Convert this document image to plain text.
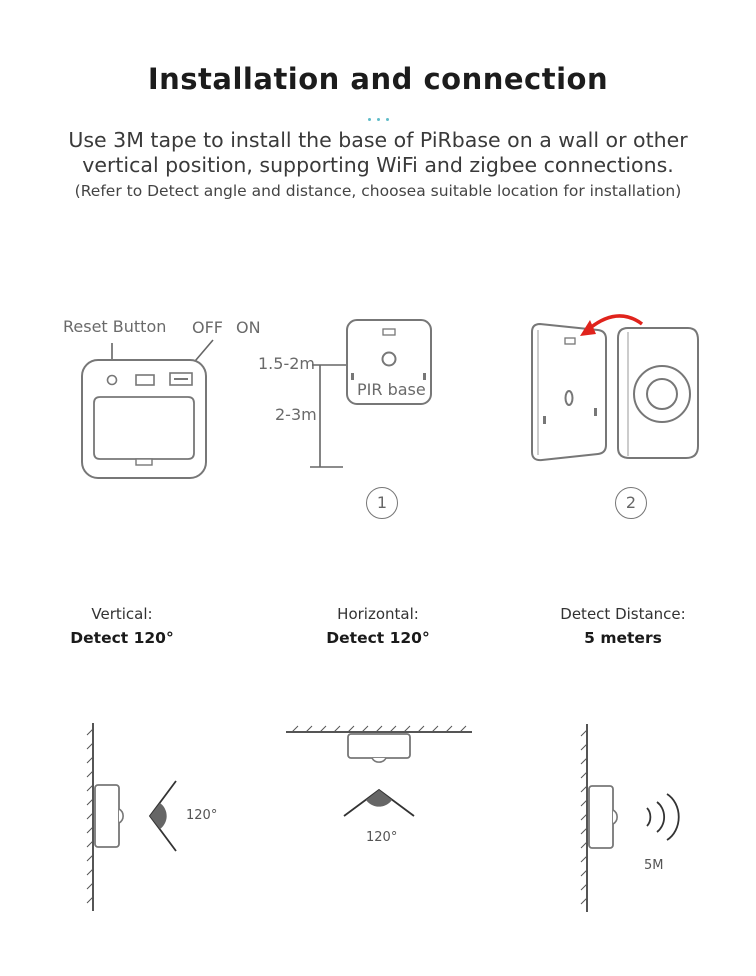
Installation and connection
Use 3M tape to install the base of PiRbase on a wall or other
vertical position, supporting WiFi and zigbee connections.
(Refer to Detect angle and distance, choosea suitable location for installation)
Reset Button OFF ON
1.5-2m
2-3m
PIR base
1	2
Vertical:
Detect 120°
Horizontal:
Detect 120°
Detect Distance:
5 meters
120°
120°
5M
